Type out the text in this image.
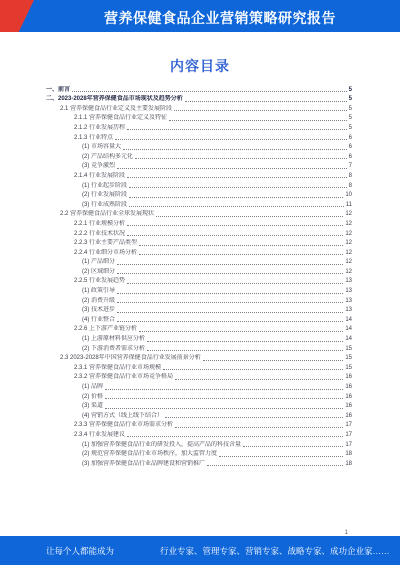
营养保健食品企业营销策略研究报告
内容目录
一、前言	5
二、2023-2028年营养保健食品市场现状及趋势分析	5
2.1 营养保健食品行业定义及主要发展阶段	5
2.1.1 营养保健食品行业定义及特征	5
2.1.2 行业发展历程	5
2.1.3 行业特点	6
(1) 市场容量大	6
(2) 产品结构多元化	6
(3) 竞争激烈	7
2.1.4 行业发展阶段	8
(1) 行业起步阶段	8
(2) 行业发展阶段	10
(3) 行业成熟阶段	11
2.2 营养保健食品行业全球发展现状	12
2.2.1 行业规模分析	12
2.2.2 行业技术状况	12
2.2.3 行业主要产品类型	12
2.2.4 行业细分市场分析	12
(1) 产品细分	12
(2) 区域细分	12
2.2.5 行业发展趋势	13
(1) 政策引导	13
(2) 消费升级	13
(3) 技术进步	13
(4) 行业整合	14
2.2.6 上下游产业链分析	14
(1) 上游原材料供应分析	14
(2) 下游消费者需求分析	15
2.3 2023-2028年中国营养保健食品行业发展前景分析	15
2.3.1 营养保健食品行业市场规模	15
2.3.2 营养保健食品行业市场竞争格局	16
(1) 品牌	16
(2) 价格	16
(3) 渠道	16
(4) 营销方式（线上线下结合）	16
2.3.3 营养保健食品行业市场需求分析	17
2.3.4 行业发展建议	17
(1) 加强营养保健食品行业的研发投入，提高产品的科技含量	17
(2) 规范营养保健食品行业市场秩序，加大监管力度	18
(3) 加强营养保健食品行业品牌建设和营销推广	18
1
让每个人都能成为	行业专家、管理专家、营销专家、战略专家、成功企业家……
